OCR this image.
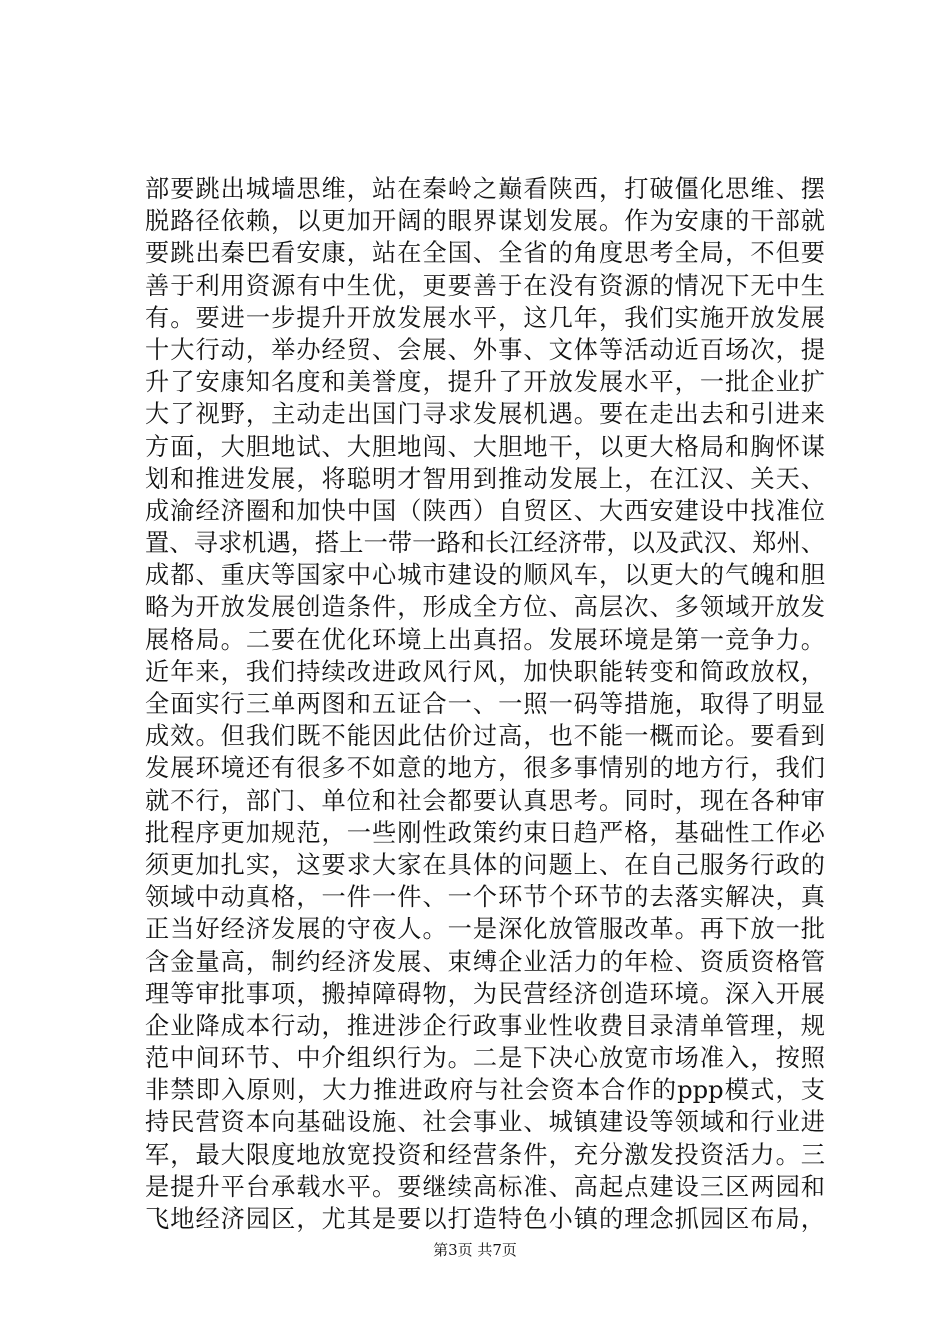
部要跳出城墙思维，站在秦岭之巅看陕西，打破僵化思维、摆
脱路径依赖，以更加开阔的眼界谋划发展。作为安康的干部就
要跳出秦巴看安康，站在全国、全省的角度思考全局，不但要
善于利用资源有中生优，更要善于在没有资源的情况下无中生
有。要进一步提升开放发展水平，这几年，我们实施开放发展
十大行动，举办经贸、会展、外事、文体等活动近百场次，提
升了安康知名度和美誉度，提升了开放发展水平，一批企业扩
大了视野，主动走出国门寻求发展机遇。要在走出去和引进来
方面，大胆地试、大胆地闯、大胆地干，以更大格局和胸怀谋
划和推进发展，将聪明才智用到推动发展上，在江汉、关天、
成渝经济圈和加快中国（陕西）自贸区、大西安建设中找准位
置、寻求机遇，搭上一带一路和长江经济带，以及武汉、郑州、
成都、重庆等国家中心城市建设的顺风车，以更大的气魄和胆
略为开放发展创造条件，形成全方位、高层次、多领域开放发
展格局。二要在优化环境上出真招。发展环境是第一竞争力。
近年来，我们持续改进政风行风，加快职能转变和简政放权，
全面实行三单两图和五证合一、一照一码等措施，取得了明显
成效。但我们既不能因此估价过高，也不能一概而论。要看到
发展环境还有很多不如意的地方，很多事情别的地方行，我们
就不行，部门、单位和社会都要认真思考。同时，现在各种审
批程序更加规范，一些刚性政策约束日趋严格，基础性工作必
须更加扎实，这要求大家在具体的问题上、在自己服务行政的
领域中动真格，一件一件、一个环节个环节的去落实解决，真
正当好经济发展的守夜人。一是深化放管服改革。再下放一批
含金量高，制约经济发展、束缚企业活力的年检、资质资格管
理等审批事项，搬掉障碍物，为民营经济创造环境。深入开展
企业降成本行动，推进涉企行政事业性收费目录清单管理，规
范中间环节、中介组织行为。二是下决心放宽市场准入，按照
非禁即入原则，大力推进政府与社会资本合作的ppp模式，支
持民营资本向基础设施、社会事业、城镇建设等领域和行业进
军，最大限度地放宽投资和经营条件，充分激发投资活力。三
是提升平台承载水平。要继续高标准、高起点建设三区两园和
飞地经济园区，尤其是要以打造特色小镇的理念抓园区布局，
第3页 共7页
